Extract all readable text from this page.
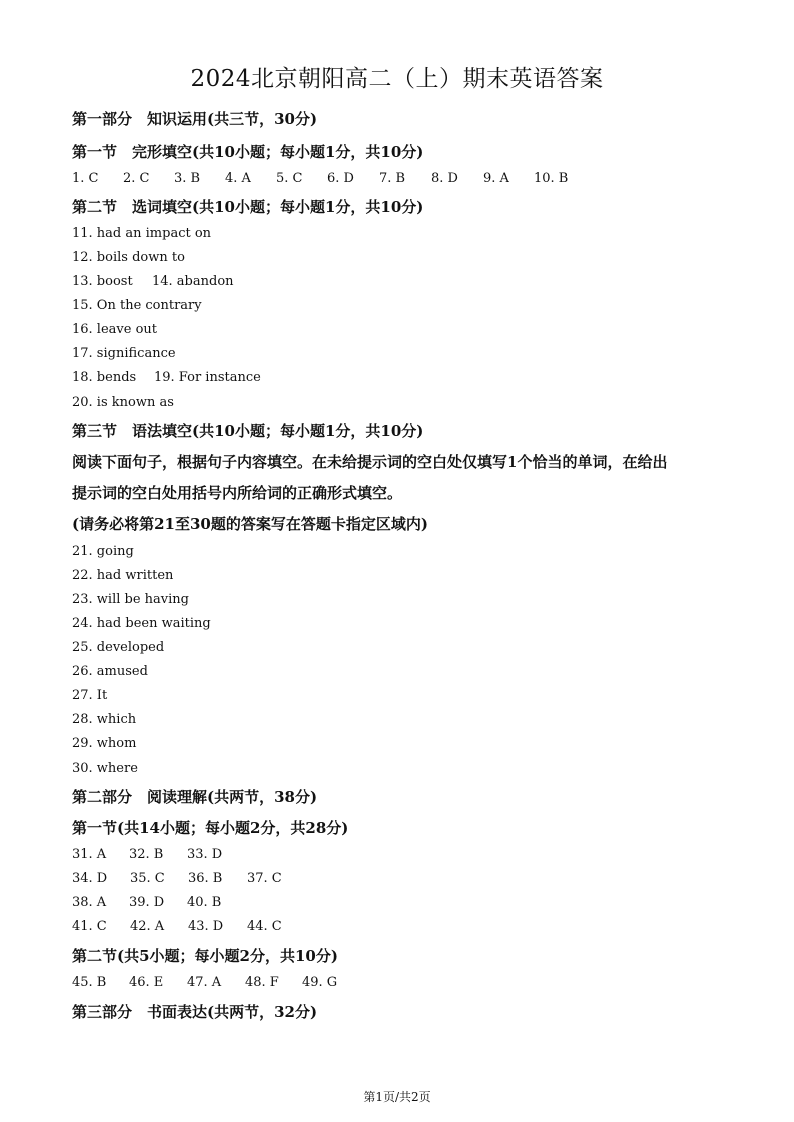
2024北京朝阳高二（上）期末英语答案
第一部分　知识运用(共三节，30分)
第一节　完形填空(共10小题；每小题1分，共10分)
1. C 2. C 3. B 4. A 5. C 6. D 7. B 8. D 9. A 10. B
第二节　选词填空(共10小题；每小题1分，共10分)
11. had an impact on
12. boils down to
13. boost 14. abandon
15. On the contrary
16. leave out
17. significance
18. bends 19. For instance
20. is known as
第三节　语法填空(共10小题；每小题1分，共10分)
阅读下面句子，根据句子内容填空。在未给提示词的空白处仅填写1个恰当的单词，在给出
提示词的空白处用括号内所给词的正确形式填空。
(请务必将第21至30题的答案写在答题卡指定区域内)
21. going
22. had written
23. will be having
24. had been waiting
25. developed
26. amused
27. It
28. which
29. whom
30. where
第二部分　阅读理解(共两节，38分)
第一节(共14小题；每小题2分，共28分)
31. A 32. B 33. D
34. D 35. C 36. B 37. C
38. A 39. D 40. B
41. C 42. A 43. D 44. C
第二节(共5小题；每小题2分，共10分)
45. B 46. E 47. A 48. F 49. G
第三部分　书面表达(共两节，32分)
第1页/共2页
